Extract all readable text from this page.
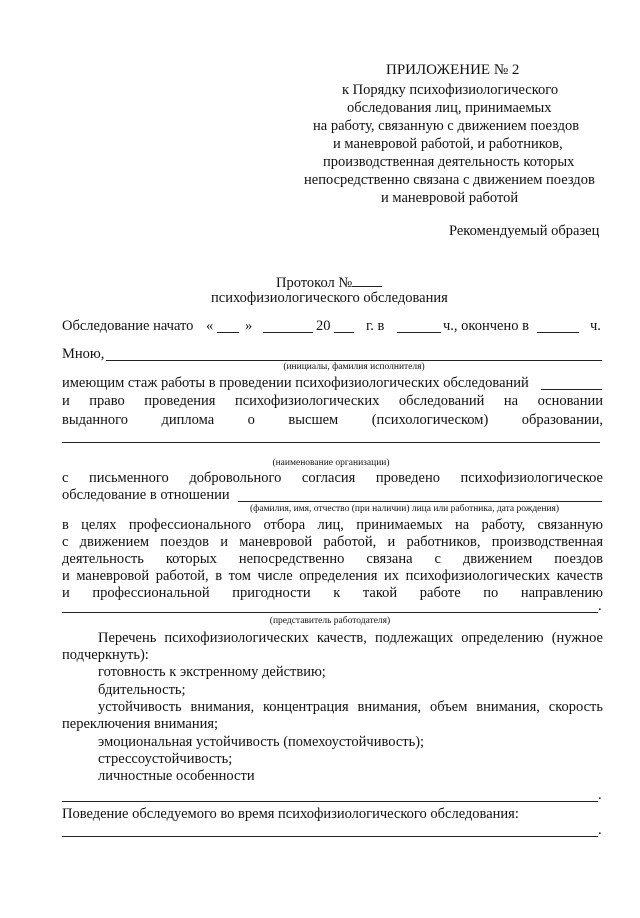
ПРИЛОЖЕНИЕ № 2
к Порядку психофизиологического
обследования лиц, принимаемых
на работу, связанную с движением поездов
и маневровой работой, и работников,
производственная деятельность которых
непосредственно связана с движением поездов
и маневровой работой
Рекомендуемый образец
Протокол №
психофизиологического обследования
Обследование начато « »	20 г. в	ч., окончено в	ч.
Мною,
(инициалы, фамилия исполнителя)
имеющим стаж работы в проведении психофизиологических обследований
и право проведения психофизиологических обследований на основании
выданного диплома о высшем (психологическом) образовании,
(наименование организации)
с письменного добровольного согласия проведено психофизиологическое
обследование в отношении
(фамилия, имя, отчество (при наличии) лица или работника, дата рождения)
в целях профессионального отбора лиц, принимаемых на работу, связанную
с движением поездов и маневровой работой, и работников, производственная
деятельность которых непосредственно связана с движением поездов
и маневровой работой, в том числе определения их психофизиологических качеств
и профессиональной пригодности к такой работе по направлению
.
(представитель работодателя)
Перечень психофизиологических качеств, подлежащих определению (нужное
подчеркнуть):
готовность к экстренному действию;
бдительность;
устойчивость внимания, концентрация внимания, объем внимания, скорость
переключения внимания;
эмоциональная устойчивость (помехоустойчивость);
стрессоустойчивость;
личностные особенности
.
Поведение обследуемого во время психофизиологического обследования:
.
